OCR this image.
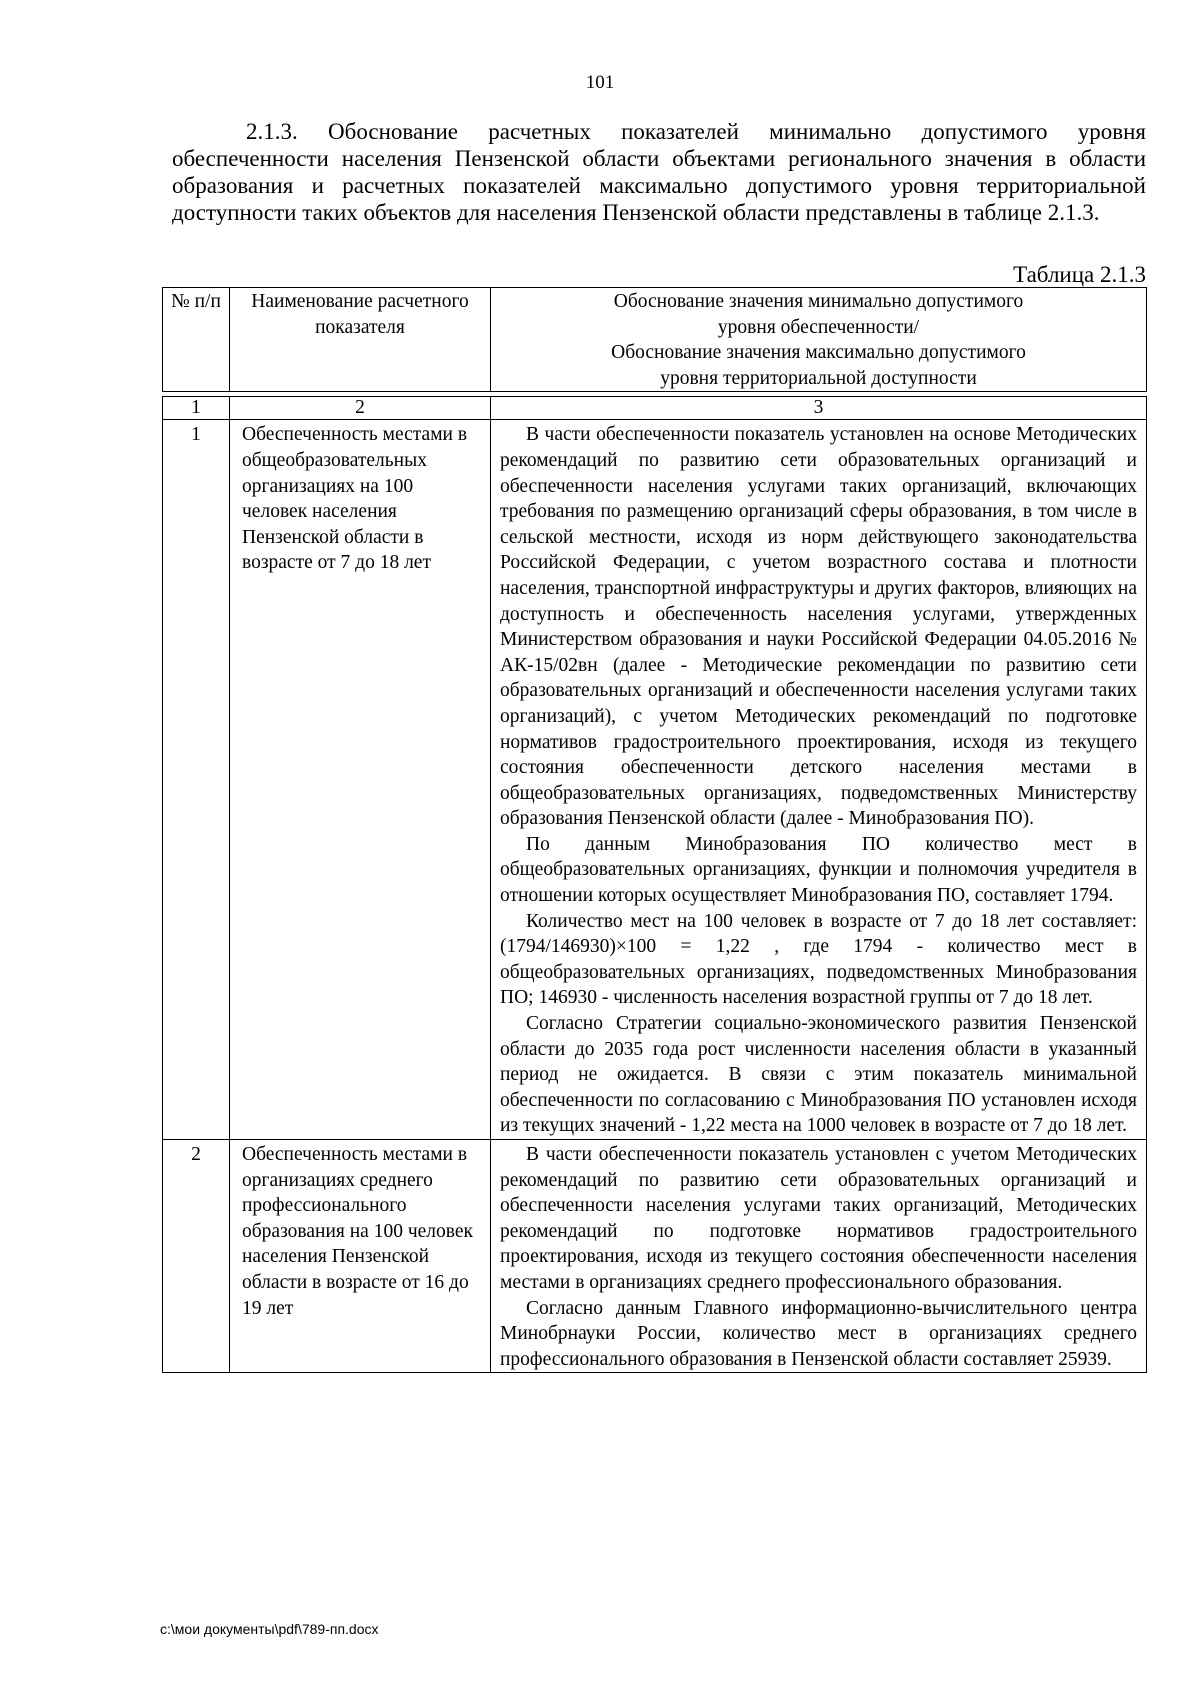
101

2.1.3. Обоснование расчетных показателей минимально допустимого уровня обеспеченности населения Пензенской области объектами регионального значения в области образования и расчетных показателей максимально допустимого уровня территориальной доступности таких объектов для населения Пензенской области представлены в таблице 2.1.3.

Таблица 2.1.3
№ п/п	Наименование расчетного показателя	Обоснование значения минимально допустимого
уровня обеспеченности/
Обоснование значения максимально допустимого
уровня территориальной доступности

1	2	3
1	Обеспеченность местами в общеобразовательных организациях на 100 человек населения Пензенской области в возрасте от 7 до 18 лет	В части обеспеченности показатель установлен на основе Методических рекомендаций по развитию сети образовательных организаций и обеспеченности населения услугами таких организаций, включающих требования по размещению организаций сферы образования, в том числе в сельской местности, исходя из норм действующего законодательства Российской Федерации, с учетом возрастного состава и плотности населения, транспортной инфраструктуры и других факторов, влияющих на доступность и обеспеченность населения услугами, утвержденных Министерством образования и науки Российской Федерации 04.05.2016 № АК-15/02вн (далее - Методические рекомендации по развитию сети образовательных организаций и обеспеченности населения услугами таких организаций), с учетом Методических рекомендаций по подготовке нормативов градостроительного проектирования, исходя из текущего состояния обеспеченности детского населения местами в общеобразовательных организациях, подведомственных Министерству образования Пензенской области (далее - Минобразования ПО).

По данным Минобразования ПО количество мест в общеобразовательных организациях, функции и полномочия учредителя в отношении которых осуществляет Минобразования ПО, составляет 1794.

Количество мест на 100 человек в возрасте от 7 до 18 лет составляет: (1794/146930)×100 = 1,22 , где 1794 - количество мест в общеобразовательных организациях, подведомственных Минобразования ПО; 146930 - численность населения возрастной группы от 7 до 18 лет.

Согласно Стратегии социально-экономического развития Пензенской области до 2035 года рост численности населения области в указанный период не ожидается. В связи с этим показатель минимальной обеспеченности по согласованию с Минобразования ПО установлен исходя из текущих значений - 1,22 места на 1000 человек в возрасте от 7 до 18 лет.

2	Обеспеченность местами в организациях среднего профессионального образования на 100 человек населения Пензенской области в возрасте от 16 до 19 лет	В части обеспеченности показатель установлен с учетом Методических рекомендаций по развитию сети образовательных организаций и обеспеченности населения услугами таких организаций, Методических рекомендаций по подготовке нормативов градостроительного проектирования, исходя из текущего состояния обеспеченности населения местами в организациях среднего профессионального образования.

Согласно данным Главного информационно-вычислительного центра Минобрнауки России, количество мест в организациях среднего профессионального образования в Пензенской области составляет 25939.

c:\мои документы\pdf\789-пп.docx
